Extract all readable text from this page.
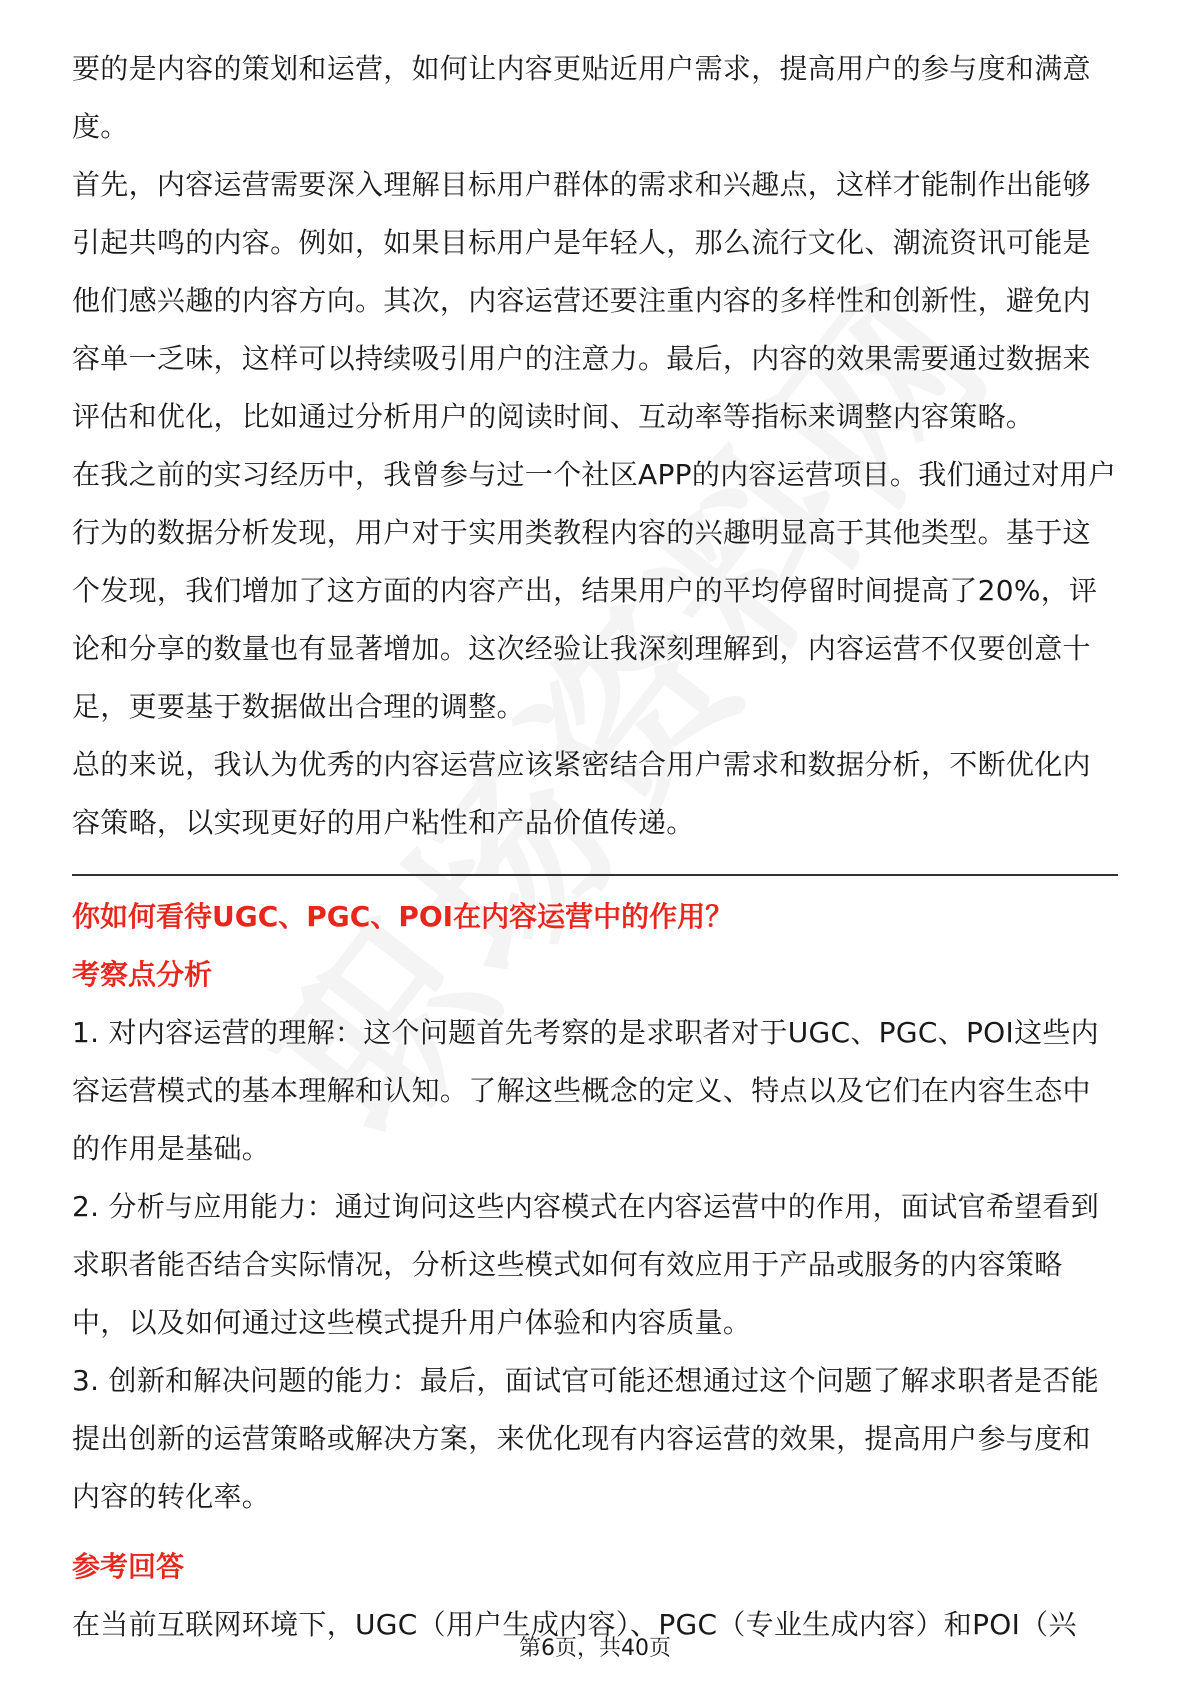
要的是内容的策划和运营，如何让内容更贴近用户需求，提高用户的参与度和满意度。

首先，内容运营需要深入理解目标用户群体的需求和兴趣点，这样才能制作出能够引起共鸣的内容。例如，如果目标用户是年轻人，那么流行文化、潮流资讯可能是他们感兴趣的内容方向。其次，内容运营还要注重内容的多样性和创新性，避免内容单一乏味，这样可以持续吸引用户的注意力。最后，内容的效果需要通过数据来评估和优化，比如通过分析用户的阅读时间、互动率等指标来调整内容策略。

在我之前的实习经历中，我曾参与过一个社区APP的内容运营项目。我们通过对用户行为的数据分析发现，用户对于实用类教程内容的兴趣明显高于其他类型。基于这个发现，我们增加了这方面的内容产出，结果用户的平均停留时间提高了20%，评论和分享的数量也有显著增加。这次经验让我深刻理解到，内容运营不仅要创意十足，更要基于数据做出合理的调整。

总的来说，我认为优秀的内容运营应该紧密结合用户需求和数据分析，不断优化内容策略，以实现更好的用户粘性和产品价值传递。

你如何看待UGC、PGC、POI在内容运营中的作用？

考察点分析

1. 对内容运营的理解：这个问题首先考察的是求职者对于UGC、PGC、POI这些内容运营模式的基本理解和认知。了解这些概念的定义、特点以及它们在内容生态中的作用是基础。

2. 分析与应用能力：通过询问这些内容模式在内容运营中的作用，面试官希望看到求职者能否结合实际情况，分析这些模式如何有效应用于产品或服务的内容策略中，以及如何通过这些模式提升用户体验和内容质量。

3. 创新和解决问题的能力：最后，面试官可能还想通过这个问题了解求职者是否能提出创新的运营策略或解决方案，来优化现有内容运营的效果，提高用户参与度和内容的转化率。

参考回答

在当前互联网环境下，UGC（用户生成内容）、PGC（专业生成内容）和POI（兴

第6页，共40页
